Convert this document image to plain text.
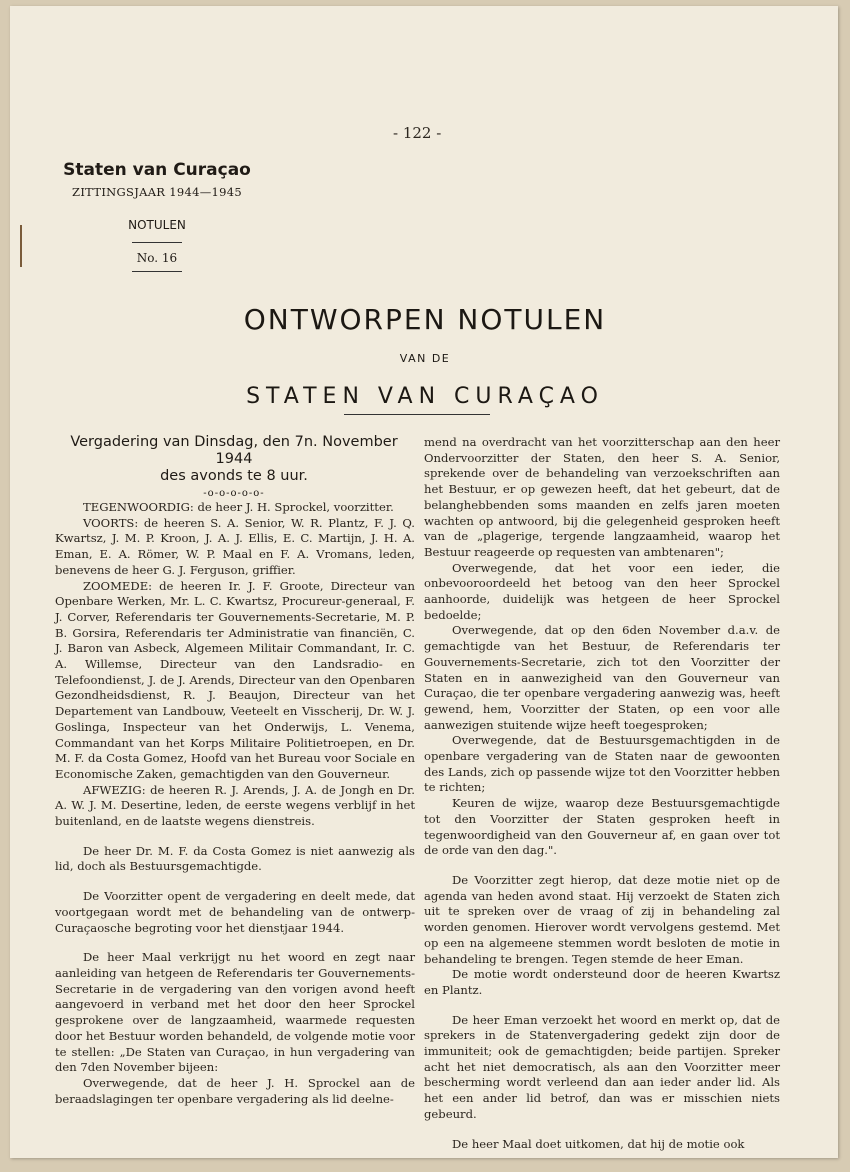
- 122 -
Staten van Curaçao
ZITTINGSJAAR 1944—1945
NOTULEN
No. 16
ONTWORPEN NOTULEN
VAN DE
STATEN VAN CURAÇAO
Vergadering van Dinsdag, den 7n. November 1944
des avonds te 8 uur.
-o-o-o-o-o-

TEGENWOORDIG: de heer J. H. Sprockel, voorzitter.

VOORTS: de heeren S. A. Senior, W. R. Plantz, F. J. Q. Kwartsz, J. M. P. Kroon, J. A. J. Ellis, E. C. Martijn, J. H. A. Eman, E. A. Römer, W. P. Maal en F. A. Vromans, leden, benevens de heer G. J. Ferguson, griffier.

ZOOMEDE: de heeren Ir. J. F. Groote, Directeur van Openbare Werken, Mr. L. C. Kwartsz, Procureur-generaal, F. J. Corver, Referendaris ter Gouvernements-Secretarie, M. P. B. Gorsira, Referendaris ter Administratie van financiën, C. J. Baron van Asbeck, Algemeen Militair Commandant, Ir. C. A. Willemse, Directeur van den Landsradio- en Telefoondienst, J. de J. Arends, Directeur van den Openbaren Gezondheidsdienst, R. J. Beaujon, Directeur van het Departement van Landbouw, Veeteelt en Visscherij, Dr. W. J. Goslinga, Inspecteur van het Onderwijs, L. Venema, Commandant van het Korps Militaire Politietroepen, en Dr. M. F. da Costa Gomez, Hoofd van het Bureau voor Sociale en Economische Zaken, gemachtigden van den Gouverneur.

AFWEZIG: de heeren R. J. Arends, J. A. de Jongh en Dr. A. W. J. M. Desertine, leden, de eerste wegens verblijf in het buitenland, en de laatste wegens dienstreis.

De heer Dr. M. F. da Costa Gomez is niet aanwezig als lid, doch als Bestuursgemachtigde.

De Voorzitter opent de vergadering en deelt mede, dat voortgegaan wordt met de behandeling van de ontwerp-Curaçaosche begroting voor het dienstjaar 1944.

De heer Maal verkrijgt nu het woord en zegt naar aanleiding van hetgeen de Referendaris ter Gouvernements-Secretarie in de vergadering van den vorigen avond heeft aangevoerd in verband met het door den heer Sprockel gesprokene over de langzaamheid, waarmede requesten door het Bestuur worden behandeld, de volgende motie voor te stellen: „De Staten van Curaçao, in hun vergadering van den 7den November bijeen:

Overwegende, dat de heer J. H. Sprockel aan de beraadslagingen ter openbare vergadering als lid deelne-

mend na overdracht van het voorzitterschap aan den heer Ondervoorzitter der Staten, den heer S. A. Senior, sprekende over de behandeling van verzoekschriften aan het Bestuur, er op gewezen heeft, dat het gebeurt, dat de belanghebbenden soms maanden en zelfs jaren moeten wachten op antwoord, bij die gelegenheid gesproken heeft van de „plagerige, tergende langzaamheid, waarop het Bestuur reageerde op requesten van ambtenaren";

Overwegende, dat het voor een ieder, die onbevooroordeeld het betoog van den heer Sprockel aanhoorde, duidelijk was hetgeen de heer Sprockel bedoelde;

Overwegende, dat op den 6den November d.a.v. de gemachtigde van het Bestuur, de Referendaris ter Gouvernements-Secretarie, zich tot den Voorzitter der Staten en in aanwezigheid van den Gouverneur van Curaçao, die ter openbare vergadering aanwezig was, heeft gewend, hem, Voorzitter der Staten, op een voor alle aanwezigen stuitende wijze heeft toegesproken;

Overwegende, dat de Bestuursgemachtigden in de openbare vergadering van de Staten naar de gewoonten des Lands, zich op passende wijze tot den Voorzitter hebben te richten;

Keuren de wijze, waarop deze Bestuursgemachtigde tot den Voorzitter der Staten gesproken heeft in tegenwoordigheid van den Gouverneur af, en gaan over tot de orde van den dag.".

De Voorzitter zegt hierop, dat deze motie niet op de agenda van heden avond staat. Hij verzoekt de Staten zich uit te spreken over de vraag of zij in behandeling zal worden genomen. Hierover wordt vervolgens gestemd. Met op een na algemeene stemmen wordt besloten de motie in behandeling te brengen. Tegen stemde de heer Eman.

De motie wordt ondersteund door de heeren Kwartsz en Plantz.

De heer Eman verzoekt het woord en merkt op, dat de sprekers in de Statenvergadering gedekt zijn door de immuniteit; ook de gemachtigden; beide partijen. Spreker acht het niet democratisch, als aan den Voorzitter meer bescherming wordt verleend dan aan ieder ander lid. Als het een ander lid betrof, dan was er misschien niets gebeurd.

De heer Maal doet uitkomen, dat hij de motie ook
